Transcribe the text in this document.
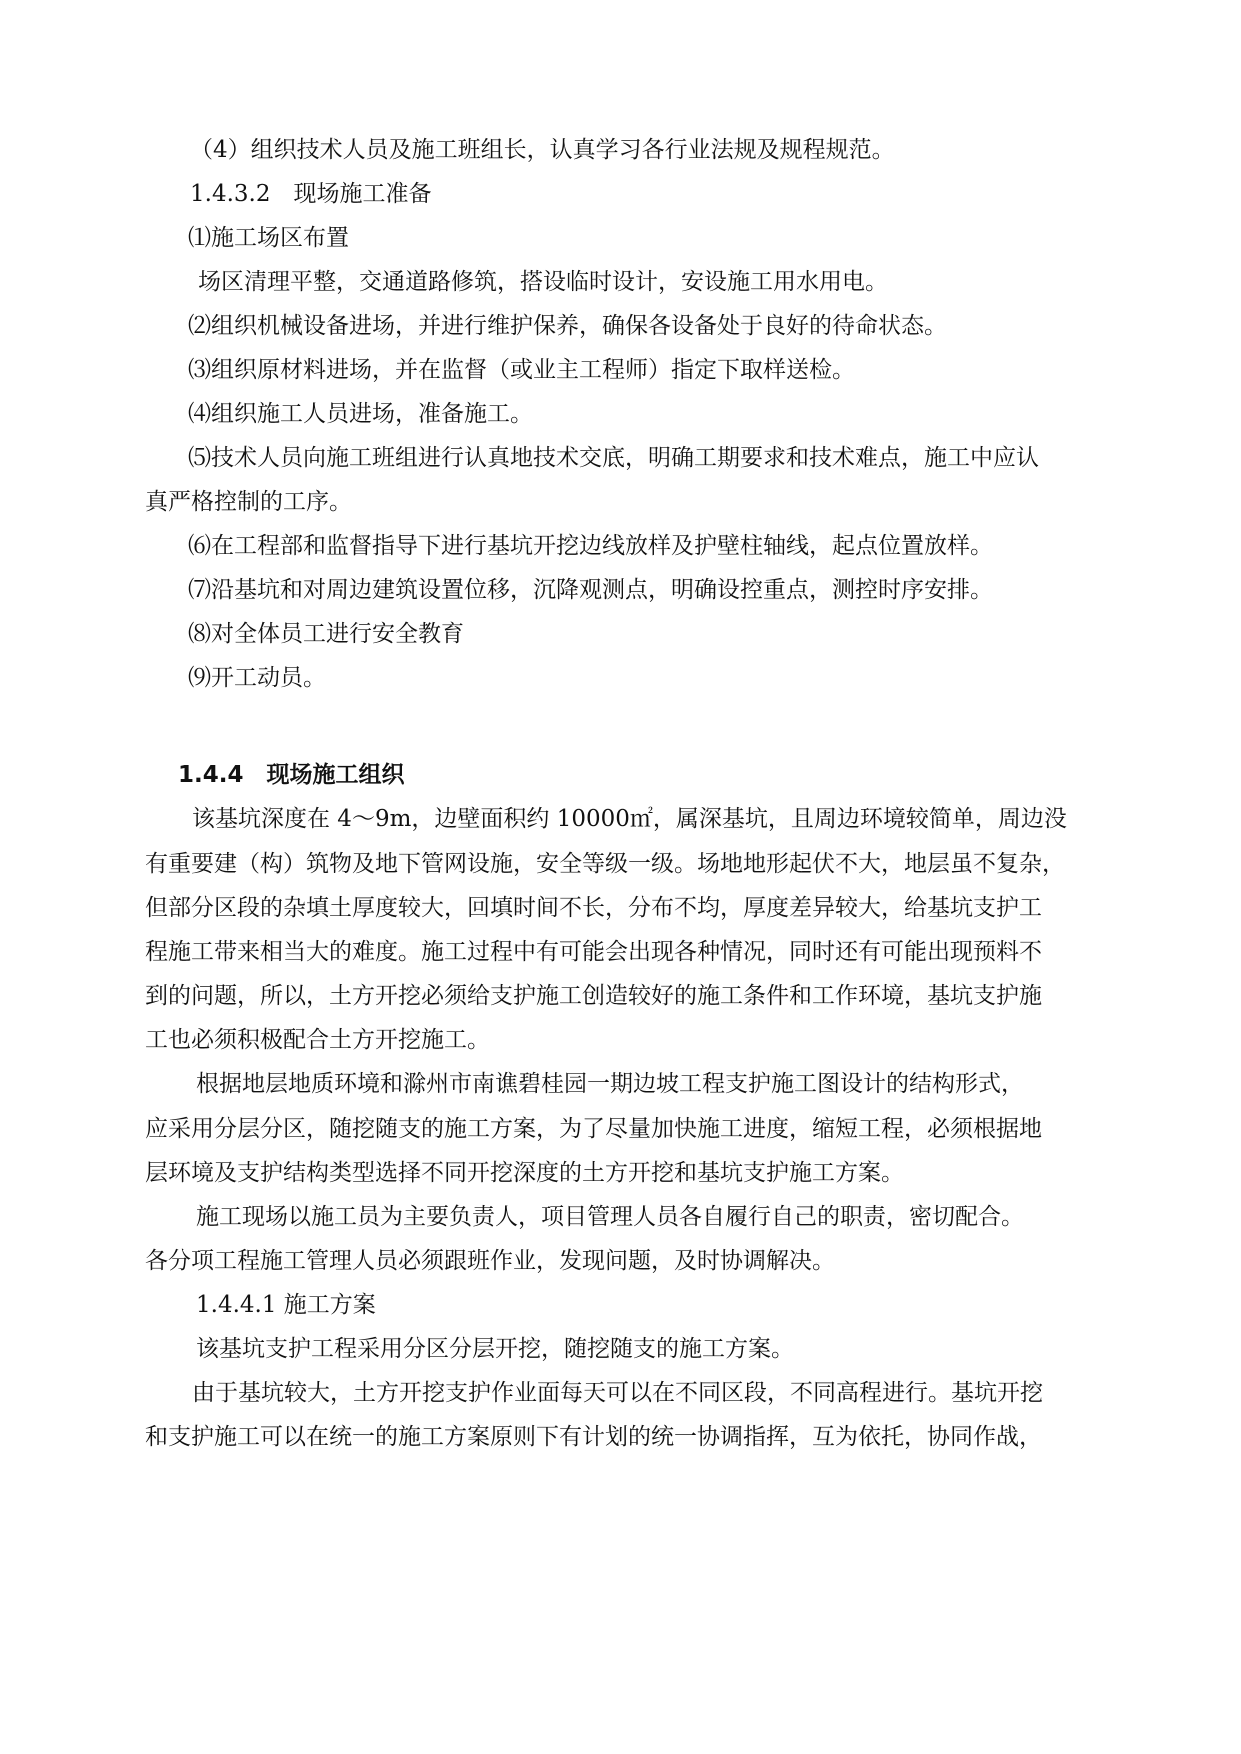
（4）组织技术人员及施工班组长，认真学习各行业法规及规程规范。
1.4.3.2　现场施工准备
⑴施工场区布置
场区清理平整，交通道路修筑，搭设临时设计，安设施工用水用电。
⑵组织机械设备进场，并进行维护保养，确保各设备处于良好的待命状态。
⑶组织原材料进场，并在监督（或业主工程师）指定下取样送检。
⑷组织施工人员进场，准备施工。
⑸技术人员向施工班组进行认真地技术交底，明确工期要求和技术难点，施工中应认
真严格控制的工序。
⑹在工程部和监督指导下进行基坑开挖边线放样及护壁柱轴线，起点位置放样。
⑺沿基坑和对周边建筑设置位移，沉降观测点，明确设控重点，测控时序安排。
⑻对全体员工进行安全教育
⑼开工动员。
1.4.4　现场施工组织
该基坑深度在 4～9m，边壁面积约 10000㎡，属深基坑，且周边环境较简单，周边没
有重要建（构）筑物及地下管网设施，安全等级一级。场地地形起伏不大，地层虽不复杂，
但部分区段的杂填土厚度较大，回填时间不长，分布不均，厚度差异较大，给基坑支护工
程施工带来相当大的难度。施工过程中有可能会出现各种情况，同时还有可能出现预料不
到的问题，所以，土方开挖必须给支护施工创造较好的施工条件和工作环境，基坑支护施
工也必须积极配合土方开挖施工。
根据地层地质环境和滁州市南谯碧桂园一期边坡工程支护施工图设计的结构形式，
应采用分层分区，随挖随支的施工方案，为了尽量加快施工进度，缩短工程，必须根据地
层环境及支护结构类型选择不同开挖深度的土方开挖和基坑支护施工方案。
施工现场以施工员为主要负责人，项目管理人员各自履行自己的职责，密切配合。
各分项工程施工管理人员必须跟班作业，发现问题，及时协调解决。
1.4.4.1 施工方案
该基坑支护工程采用分区分层开挖，随挖随支的施工方案。
由于基坑较大，土方开挖支护作业面每天可以在不同区段，不同高程进行。基坑开挖
和支护施工可以在统一的施工方案原则下有计划的统一协调指挥，互为依托，协同作战，
